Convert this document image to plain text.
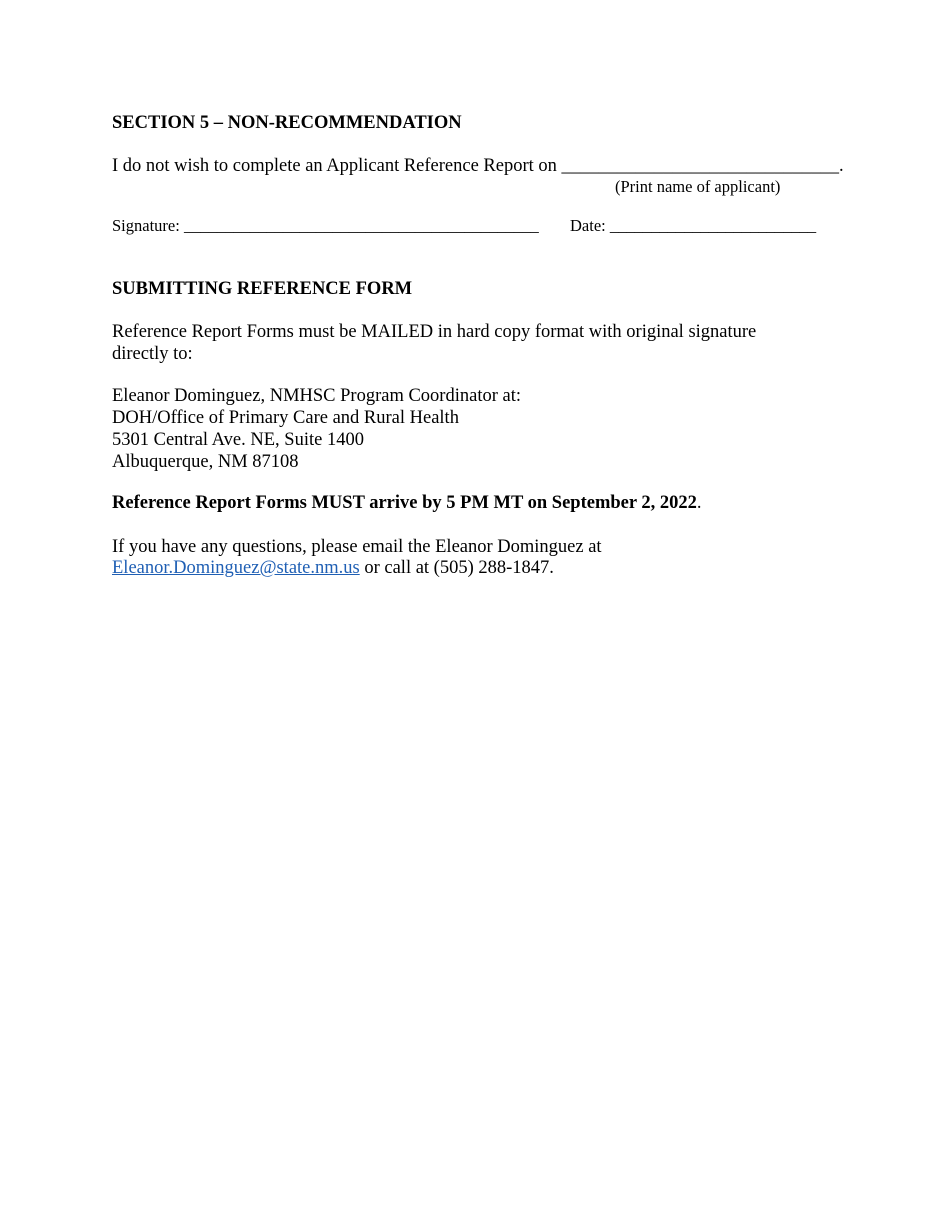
SECTION 5 – NON-RECOMMENDATION
I do not wish to complete an Applicant Reference Report on ______________________________.
(Print name of applicant)
Signature: ___________________________________________ Date: _________________________
SUBMITTING REFERENCE FORM
Reference Report Forms must be MAILED in hard copy format with original signature
directly to:
Eleanor Dominguez, NMHSC Program Coordinator at:
DOH/Office of Primary Care and Rural Health
5301 Central Ave. NE, Suite 1400
Albuquerque, NM 87108
Reference Report Forms MUST arrive by 5 PM MT on September 2, 2022.
If you have any questions, please email the Eleanor Dominguez at
Eleanor.Dominguez@state.nm.us or call at (505) 288-1847.
